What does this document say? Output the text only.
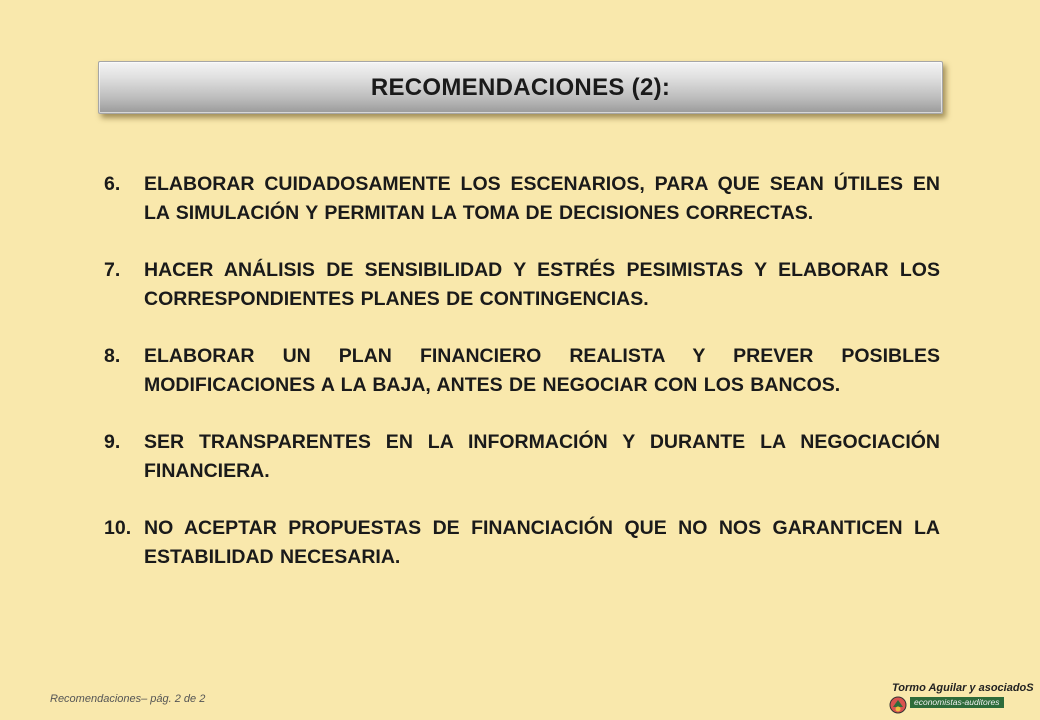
RECOMENDACIONES (2):
6.	ELABORAR CUIDADOSAMENTE LOS ESCENARIOS, PARA QUE SEAN ÚTILES EN LA SIMULACIÓN Y PERMITAN LA TOMA DE DECISIONES CORRECTAS.
7.	HACER ANÁLISIS DE SENSIBILIDAD Y ESTRÉS PESIMISTAS Y ELABORAR LOS CORRESPONDIENTES PLANES DE CONTINGENCIAS.
8.	ELABORAR UN PLAN FINANCIERO REALISTA Y PREVER POSIBLES MODIFICACIONES A LA BAJA, ANTES DE NEGOCIAR CON LOS BANCOS.
9.	SER TRANSPARENTES EN LA INFORMACIÓN Y DURANTE LA NEGOCIACIÓN FINANCIERA.
10. NO ACEPTAR PROPUESTAS DE FINANCIACIÓN QUE NO NOS GARANTICEN LA ESTABILIDAD NECESARIA.
Recomendaciones– pág. 2 de 2
Tormo Aguilar y asociadoS
economistas-auditores
